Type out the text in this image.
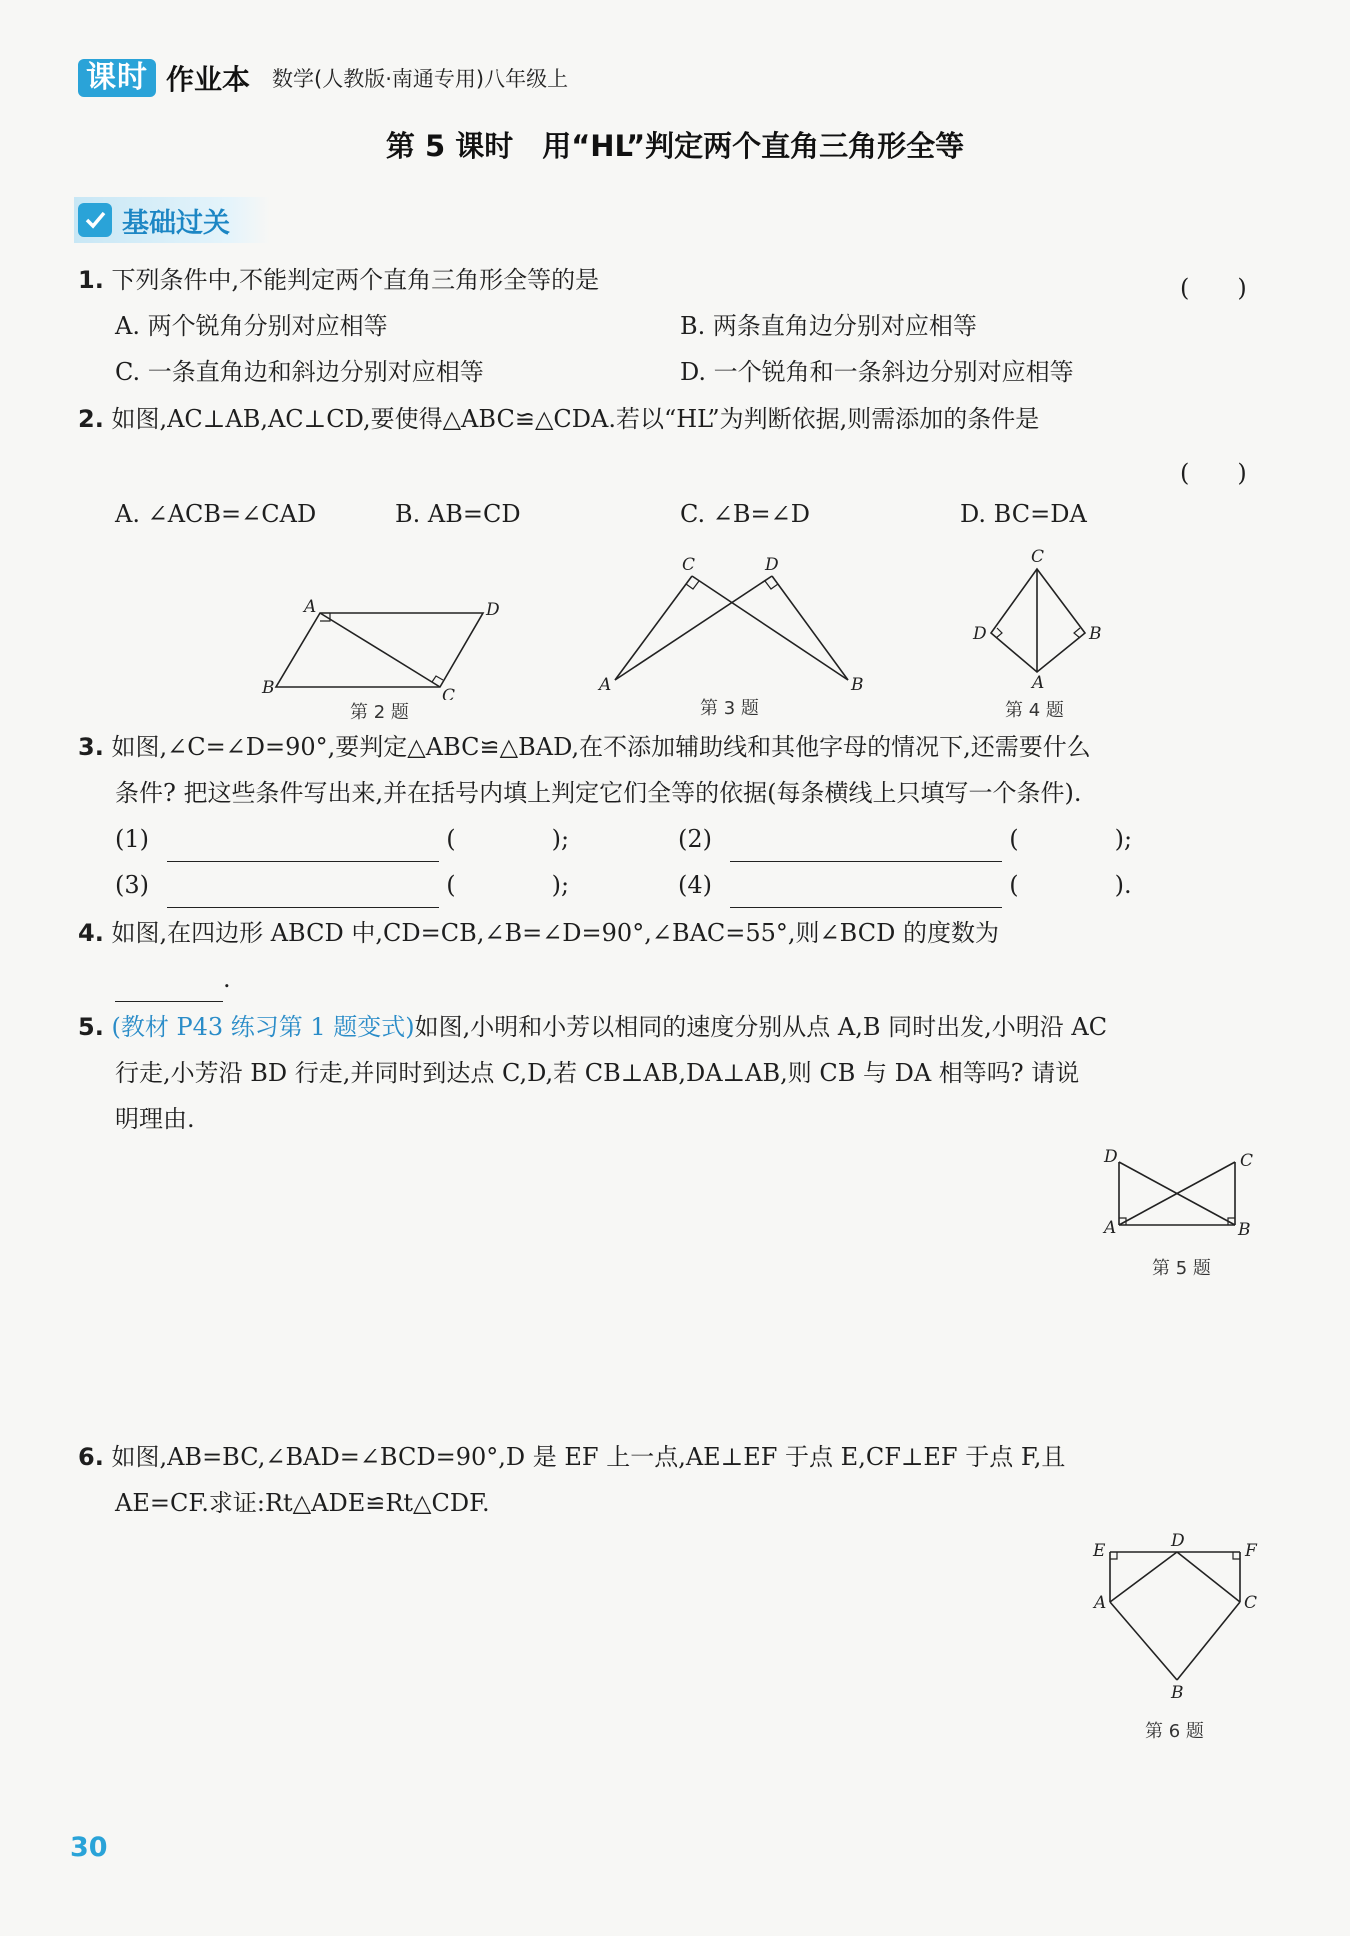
课时 作业本 数学(人教版·南通专用)八年级上
第 5 课时　用“HL”判定两个直角三角形全等
基础过关
1. 下列条件中,不能判定两个直角三角形全等的是	(　　)
A. 两个锐角分别对应相等	B. 两条直角边分别对应相等
C. 一条直角边和斜边分别对应相等	D. 一个锐角和一条斜边分别对应相等
2. 如图,AC⊥AB,AC⊥CD,要使得△ABC≌△CDA.若以“HL”为判断依据,则需添加的条件是
(　　)
A. ∠ACB=∠CAD	B. AB=CD	C. ∠B=∠D	D. BC=DA
A	D
B	C
第 2 题
C	D
A	B
第 3 题
C
D	B
A
第 4 题
3. 如图,∠C=∠D=90°,要判定△ABC≌△BAD,在不添加辅助线和其他字母的情况下,还需要什么
条件? 把这些条件写出来,并在括号内填上判定它们全等的依据(每条横线上只填写一个条件).
(1)	(　　　　);	(2)	(　　　　);
(3)	(　　　　);	(4)	(　　　　).
4. 如图,在四边形 ABCD 中,CD=CB,∠B=∠D=90°,∠BAC=55°,则∠BCD 的度数为
.
5. (教材 P43 练习第 1 题变式)如图,小明和小芳以相同的速度分别从点 A,B 同时出发,小明沿 AC
行走,小芳沿 BD 行走,并同时到达点 C,D,若 CB⊥AB,DA⊥AB,则 CB 与 DA 相等吗? 请说
明理由.
D	C
A	B
第 5 题
6. 如图,AB=BC,∠BAD=∠BCD=90°,D 是 EF 上一点,AE⊥EF 于点 E,CF⊥EF 于点 F,且
AE=CF.求证:Rt△ADE≌Rt△CDF.
E	D	F
A	C
B
第 6 题
30
